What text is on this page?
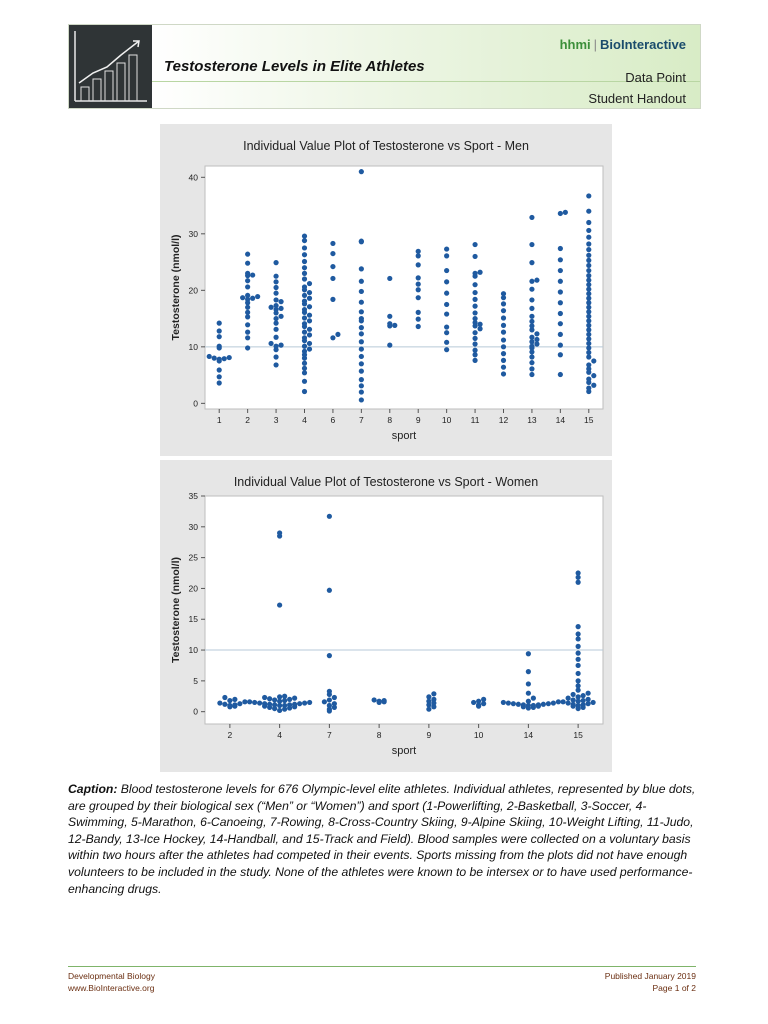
Testosterone Levels in Elite Athletes
hhmi | BioInteractive
Data Point
Student Handout
Individual Value Plot of Testosterone vs Sport - Men
0
10
20
30
40
1	2	3	4	6	7	8	9	10 11 12 13 14 15
sport
Testosterone (nmol/l)
Individual Value Plot of Testosterone vs Sport - Women
0
5
10
15
20
25
30
35
2	4	7	8	9	10	14	15
sport
Testosterone (nmol/l)
Caption: Blood testosterone levels for 676 Olympic-level elite athletes. Individual athletes, represented by blue dots, are grouped by their biological sex (“Men” or “Women”) and sport (1-Powerlifting, 2-Basketball, 3-Soccer, 4-Swimming, 5-Marathon, 6-Canoeing, 7-Rowing, 8-Cross-Country Skiing, 9-Alpine Skiing, 10-Weight Lifting, 11-Judo, 12-Bandy, 13-Ice Hockey, 14-Handball, and 15-Track and Field). Blood samples were collected on a voluntary basis within two hours after the athletes had competed in their events. Sports missing from the plots did not have enough volunteers to be included in the study. None of the athletes were known to be intersex or to have used performance-enhancing drugs.
Developmental Biology
www.BioInteractive.org
Published January 2019
Page 1 of 2
